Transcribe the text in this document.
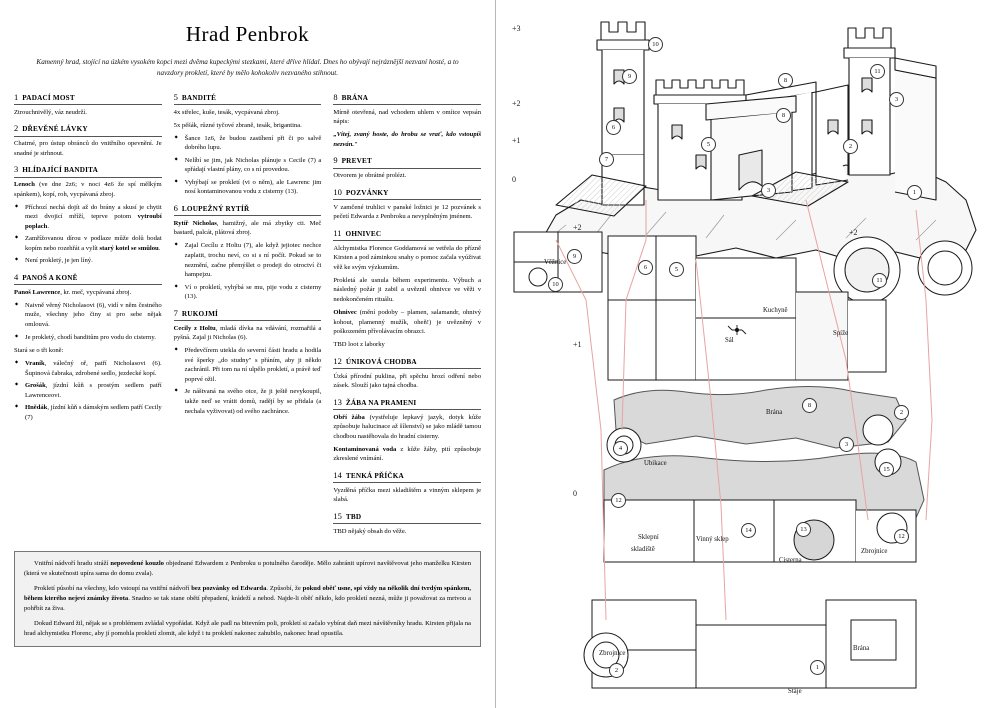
Hrad Penbrok
Kamenný hrad, stojící na úzkém vysokém kopci mezi dvěma kupeckými stezkami, které dříve hlídal. Dnes ho obývají nejráznější nezvaní hosté, a to navzdory prokletí, které by mělo kohokoliv nezvaného stihnout.
1 PADACÍ MOST

Ztrouchnivělý, váz neudrží.

2 DŘEVĚNÉ LÁVKY

Chatrné, pro ústup obránců do vnitřního opevnění. Je snadné je strhnout.

3 HLÍDAJÍCÍ BANDITA

Lenoch (ve dne 2z6; v noci 4z6 že spí mělkým spánkem), kopí, roh, vycpávaná zbroj.

◆ Příchozí nechá dojít až do brány a skusí je chytit mezi dvojicí mříží, teprve potom vytroubí poplach.
◆ Zamřížovanou dírou v podlaze může dolů bodat kopím nebo rozehřát a vylít starý kotel se smůlou.
◆ Není prokletý, je jen líný.
4 PANOŠ A KONĚ

Panoš Lawrence, kr. meč, vycpávaná zbroj.

◆ Naivně věrný Nicholasovi (6), vidí v něm čestného muže, všechny jeho činy si pro sebe nějak omlouvá.
◆ Je prokletý, chodí banditům pro vodu do cisterny.

Stará se o tři koně:

◆ Vraník, válečný oř, patří Nicholasovi (6). Šupinová čabraka, zdrobené sedlo, jezdecké kopí.
◆ Grošák, jízdní kůň s prostým sedlem patří Lawrenceovi.
◆ Hnědák, jízdní kůň s dámským sedlem patří Cecily (7)
5 BANDITÉ

4x střelec, kuše, tesák, vycpávaná zbroj.

5x pěšák, různé tyčové zbraně, tesák, brigantina.

◆ Šance 1z6, že budou zastíhení při či po salvě dobrého lupu.
◆ Nelíbí se jim, jak Nicholas plánuje s Cecile (7) a spřádají vlastní plány, co s ní provedou.
◆ Vyhýbají se prokletí (vi o něm), ale Lawrenc jim nosí kontaminovanou vodu z cisterny (13).
6 LOUPEŽNÝ RYTÍŘ

Rytíř Nicholas, hamižný, ale má zbytky cti. Meč bastard, palcát, plátová zbroj.

◆ Zajal Cecílu z Holtu (7), ale když jejiotec nechce zaplatit, trochu neví, co si s ní počít. Pokud se to nezmění, začne přemýšlet o prodeji do otroctví či hampejzu.
◆ Ví o prokletí, vyhýbá se mu, pije vodu z cisterny (13).
7 RUKOJMÍ

Cecily z Holtu, mladá dívka na vdávání, rozmařilá a pyšná. Zajal ji Nicholas (6).

◆ Předevčírem utekla do severní části hradu a hodila své šperky „do studny" s přáním, aby ji někdo zachránil. Při tom na ní ulpělo prokletí, a právě teď poprvé ožil.
◆ Je náštvaná na svého otce, že ji ještě nevykoupil, takže neď se vrátit domů, radějí by se přidala (a nechala vyživovat) od svého zachránce.
8 BRÁNA

Mírně otevřená, nad vchodem uhlem v omítce vepsán nápis:

„Vítej, zvaný hoste, do hrobu se vrať, kdo vstoupíš nezván."

9 PREVET

Otvorem je obrátné prolézt.

10 POZVÁNKY

V zamčené truhlici v panské ložnici je 12 pozvánek s pečetí Edwarda z Penbroku a nevyplněným jménem.

11 OHNIVEC

Alchymistka Florence Goddamová se vetřela do přízně Kirsten a pod záminkou snahy o pomoc začala vyúživat věž ke svým výzkumům.

Prokletá ale usnula během experimentu. Výbuch a následný požár ji zabil a uvěznil ohnivce ve věži v nedokončeném rituálu.

Ohnivec (mění podoby – plamen, salamandr, ohnivý kohout, plamenný mužík, oheň!) je uvězněný v poškozeném přívolávacím obrazci.

TBD loot z laborky

12 ÚNIKOVÁ CHODBA

Úzká přírodní puklina, při spěchu hrozí odření nebo zásek. Slouží jako tajná chodba.

13 ŽÁBA NA PRAMENI

Obří žába (vystřeluje lepkavý jazyk, dotyk kůže způsobuje halucinace až šílenství) se jako mládě tamou chodbou nastěhovala do hradní cisterny.

Kontaminovaná voda z kůže žáby, pití způsobuje zkreslené vnímání.

14 TENKÁ PŘÍČKA

Vyzděná příčka mezi skladištěm a vinným sklepem je slabá.

15 TBD

TBD nějaký obsah do věže.

Vnitřní nádvoří hradu stráží nepovedené kouzlo objednané Edwardem z Penbroku u potulného čaroděje. Mělo zabránit upírovi navštěvovat jeho manželku Kirsten (která ve skutečnosti upíra sama do domu zvala).

Prokletí působí na všechny, kdo vstoupí na vnitřní nádvoří bez pozvánky od Edwarda. Způsobí, že pokud oběť usne, spí vždy na několik dní tvrdým spánkem, během kterého nejeví známky života. Snadno se tak stane obětí přepadení, krádeží a nehod. Najde-li oběť někdo, kdo prokletí nezná, může ji považovat za mrtvou a pohřbít za živa.

Dokud Edward žil, nějak se s problémem zvládal vypořádat. Když ale padl na bitevním poli, prokletí si začalo vybírat daň mezi návštěvníky hradu. Kirsten přijala na hrad alchymistku Florenc, aby jí pomohla prokletí zlomit, ale když i tu prokletí nakonec zahubilo, nakonec hrad opustila.

+3
+2
+1
0
+2
+2
+1
0
Kuchyně
Sál
Spíže
Brána
Ubikace
Sklepní
skladiště
Vinný sklep
Cisterna
Zbrojnice
Zbrojnice
Brána
Stáje
Věžnice
10
9
11
8
3
6
8
7
5	2
1
3
10
9
11
6	5
8
2
4
3
15
12
14	13
12
2	1
